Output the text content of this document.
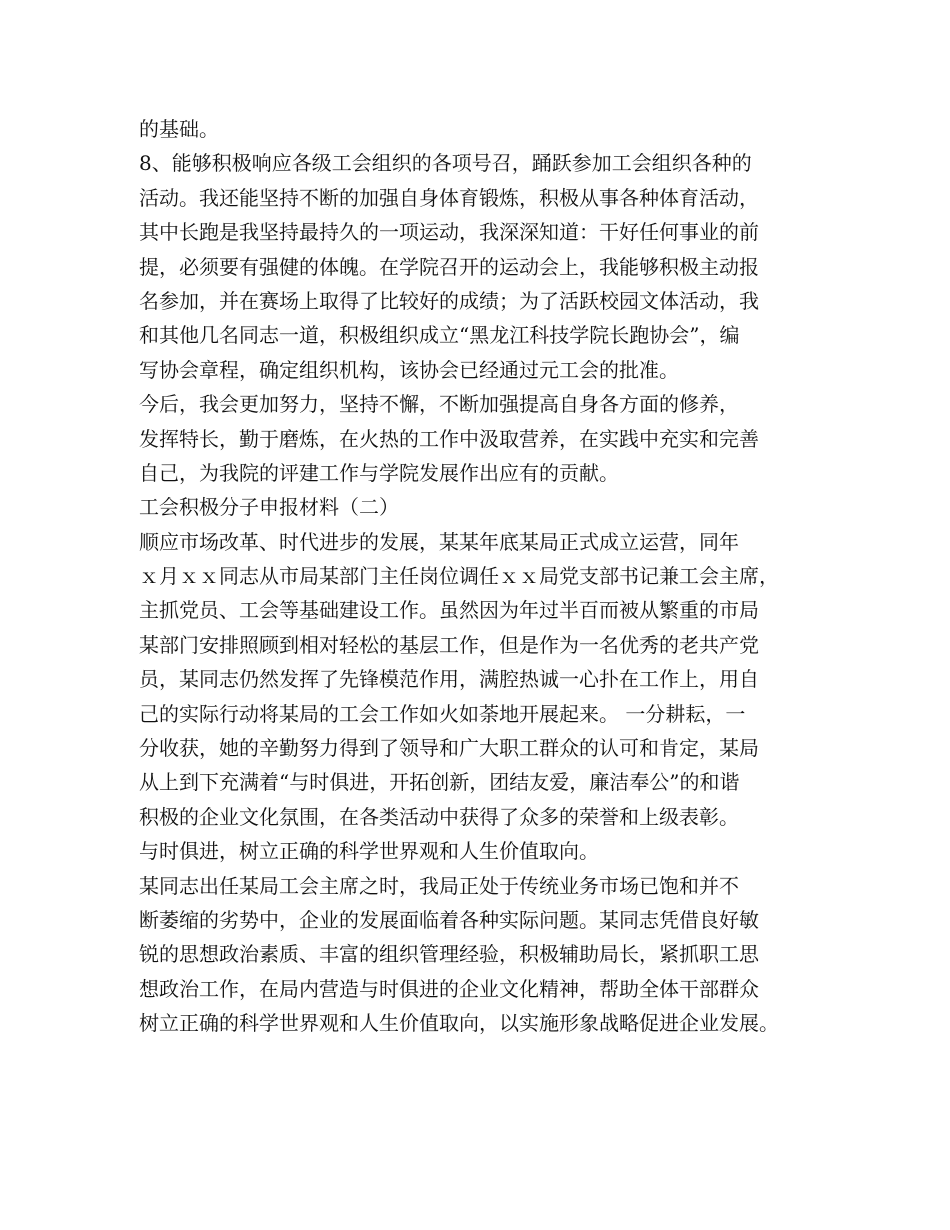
的基础。
8、能够积极响应各级工会组织的各项号召，踊跃参加工会组织各种的
活动。我还能坚持不断的加强自身体育锻炼，积极从事各种体育活动，
其中长跑是我坚持最持久的一项运动，我深深知道：干好任何事业的前
提，必须要有强健的体魄。在学院召开的运动会上，我能够积极主动报
名参加，并在赛场上取得了比较好的成绩；为了活跃校园文体活动，我
和其他几名同志一道，积极组织成立“黑龙江科技学院长跑协会”，编
写协会章程，确定组织机构，该协会已经通过元工会的批准。
今后，我会更加努力，坚持不懈，不断加强提高自身各方面的修养，
发挥特长，勤于磨炼，在火热的工作中汲取营养，在实践中充实和完善
自己，为我院的评建工作与学院发展作出应有的贡献。
工会积极分子申报材料（二）
顺应市场改革、时代进步的发展，某某年底某局正式成立运营，同年
ｘ月ｘｘ同志从市局某部门主任岗位调任ｘｘ局党支部书记兼工会主席，
主抓党员、工会等基础建设工作。虽然因为年过半百而被从繁重的市局
某部门安排照顾到相对轻松的基层工作，但是作为一名优秀的老共产党
员，某同志仍然发挥了先锋模范作用，满腔热诚一心扑在工作上，用自
己的实际行动将某局的工会工作如火如荼地开展起来。 一分耕耘，一
分收获，她的辛勤努力得到了领导和广大职工群众的认可和肯定，某局
从上到下充满着“与时俱进，开拓创新，团结友爱，廉洁奉公”的和谐
积极的企业文化氛围，在各类活动中获得了众多的荣誉和上级表彰。
与时俱进，树立正确的科学世界观和人生价值取向。
某同志出任某局工会主席之时，我局正处于传统业务市场已饱和并不
断萎缩的劣势中，企业的发展面临着各种实际问题。某同志凭借良好敏
锐的思想政治素质、丰富的组织管理经验，积极辅助局长，紧抓职工思
想政治工作，在局内营造与时俱进的企业文化精神，帮助全体干部群众
树立正确的科学世界观和人生价值取向，以实施形象战略促进企业发展。
